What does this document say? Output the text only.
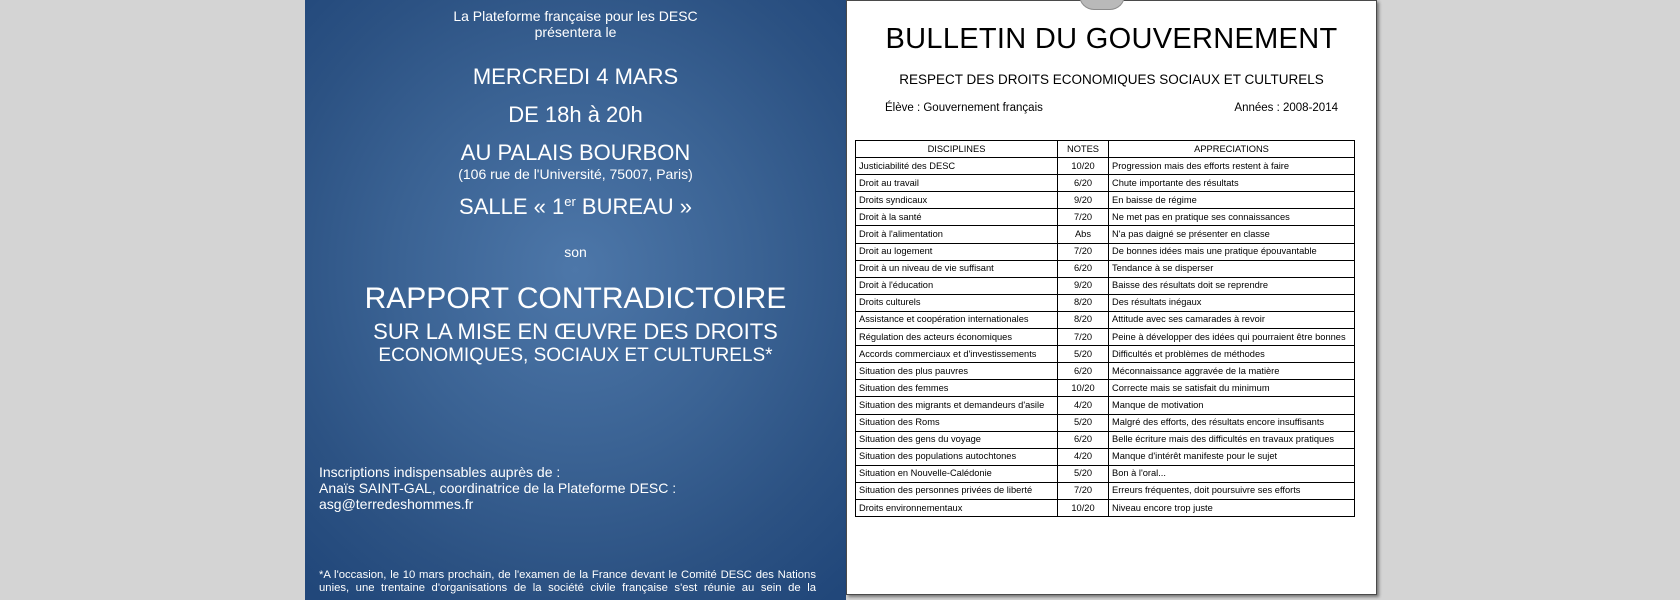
La Plateforme française pour les DESC

présentera le

MERCREDI 4 MARS

DE 18h à 20h

AU PALAIS BOURBON

(106 rue de l'Université, 75007, Paris)

SALLE « 1er BUREAU »

son

RAPPORT CONTRADICTOIRE

SUR LA MISE EN ŒUVRE DES DROITS

ECONOMIQUES, SOCIAUX ET CULTURELS*

Inscriptions indispensables auprès de :

Anaïs SAINT-GAL, coordinatrice de la Plateforme DESC :

asg@terredeshommes.fr

*A l'occasion, le 10 mars prochain, de l'examen de la France devant le Comité DESC des Nations unies, une trentaine d'organisations de la société civile française s'est réunie au sein de la

BULLETIN DU GOUVERNEMENT

RESPECT DES DROITS ECONOMIQUES SOCIAUX ET CULTURELS

Élève : Gouvernement français	Années : 2008-2014

DISCIPLINES	NOTES	APPRECIATIONS
Justiciabilité des DESC	10/20	Progression mais des efforts restent à faire
Droit au travail	6/20	Chute importante des résultats
Droits syndicaux	9/20	En baisse de régime
Droit à la santé	7/20	Ne met pas en pratique ses connaissances
Droit à l'alimentation	Abs	N'a pas daigné se présenter en classe
Droit au logement	7/20	De bonnes idées mais une pratique épouvantable
Droit à un niveau de vie suffisant	6/20	Tendance à se disperser
Droit à l'éducation	9/20	Baisse des résultats doit se reprendre
Droits culturels	8/20	Des résultats inégaux
Assistance et coopération internationales	8/20	Attitude avec ses camarades à revoir
Régulation des acteurs économiques	7/20	Peine à développer des idées qui pourraient être bonnes
Accords commerciaux et d'investissements	5/20	Difficultés et problèmes de méthodes
Situation des plus pauvres	6/20	Méconnaissance aggravée de la matière
Situation des femmes	10/20	Correcte mais se satisfait du minimum
Situation des migrants et demandeurs d'asile	4/20	Manque de motivation
Situation des Roms	5/20	Malgré des efforts, des résultats encore insuffisants
Situation des gens du voyage	6/20	Belle écriture mais des difficultés en travaux pratiques
Situation des populations autochtones	4/20	Manque d'intérêt manifeste pour le sujet
Situation en Nouvelle-Calédonie	5/20	Bon à l'oral...
Situation des personnes privées de liberté	7/20	Erreurs fréquentes, doit poursuivre ses efforts
Droits environnementaux	10/20	Niveau encore trop juste
